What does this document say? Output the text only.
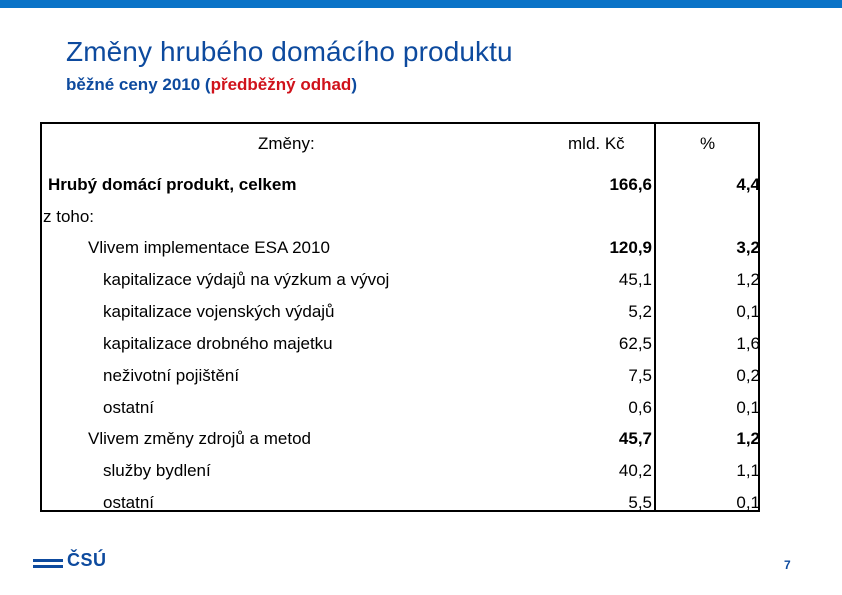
Změny hrubého domácího produktu
běžné ceny 2010 (předběžný odhad)
Změny:	mld. Kč	%
Hrubý domácí produkt, celkem	166,6	4,4
z toho:
Vlivem implementace ESA 2010	120,9	3,2
kapitalizace výdajů na výzkum a vývoj	45,1	1,2
kapitalizace vojenských výdajů	5,2	0,1
kapitalizace drobného majetku	62,5	1,6
neživotní pojištění	7,5	0,2
ostatní	0,6	0,1
Vlivem změny zdrojů a metod	45,7	1,2
služby bydlení	40,2	1,1
ostatní	5,5	0,1
ČSÚ	7
